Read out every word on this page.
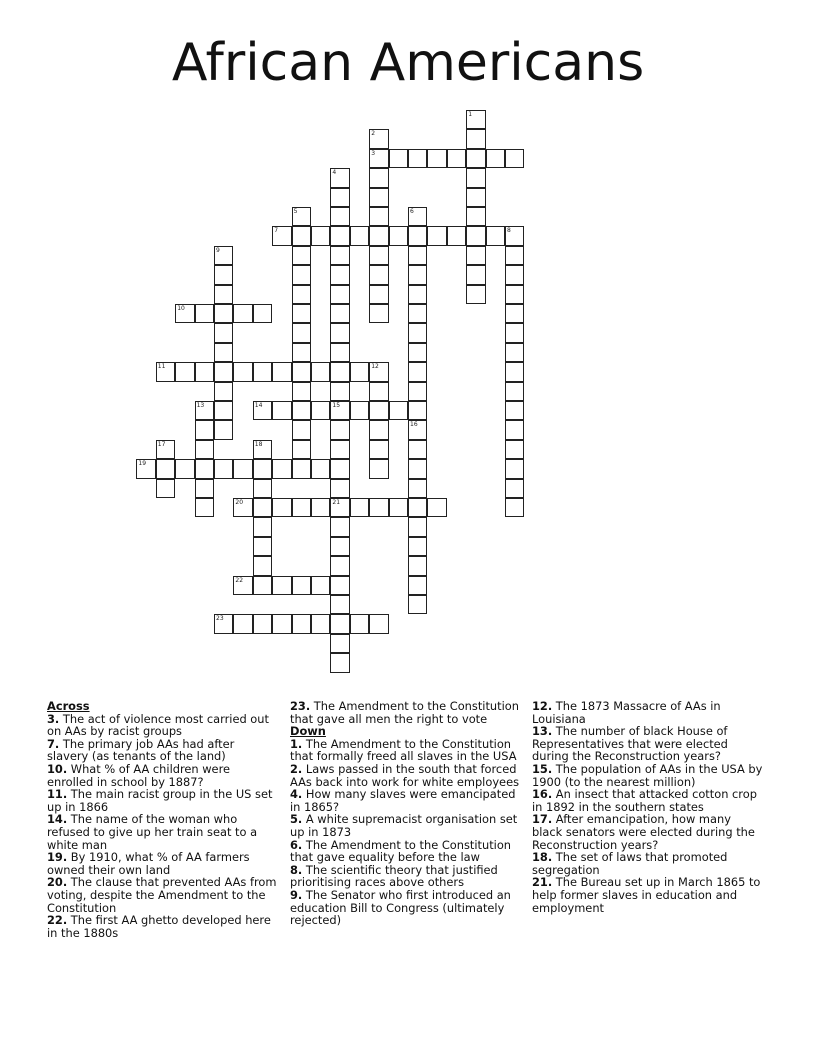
African Americans
1
2
3
4
15
5	6
7	8
9
10
11	12
13	14
16
17	18
19
20	21
22
23
Across
3. The act of violence most carried out on AAs by racist groups
7. The primary job AAs had after slavery (as tenants of the land)
10. What % of AA children were enrolled in school by 1887?
11. The main racist group in the US set up in 1866
14. The name of the woman who refused to give up her train seat to a white man
19. By 1910, what % of AA farmers owned their own land
20. The clause that prevented AAs from voting, despite the Amendment to the Constitution
22. The first AA ghetto developed here in the 1880s
23. The Amendment to the Constitution that gave all men the right to vote
Down
1. The Amendment to the Constitution that formally freed all slaves in the USA
2. Laws passed in the south that forced AAs back into work for white employees
4. How many slaves were emancipated in 1865?
5. A white supremacist organisation set up in 1873
6. The Amendment to the Constitution that gave equality before the law
8. The scientific theory that justified prioritising races above others
9. The Senator who first introduced an education Bill to Congress (ultimately rejected)
12. The 1873 Massacre of AAs in Louisiana
13. The number of black House of Representatives that were elected during the Reconstruction years?
15. The population of AAs in the USA by 1900 (to the nearest million)
16. An insect that attacked cotton crop in 1892 in the southern states
17. After emancipation, how many black senators were elected during the Reconstruction years?
18. The set of laws that promoted segregation
21. The Bureau set up in March 1865 to help former slaves in education and employment
